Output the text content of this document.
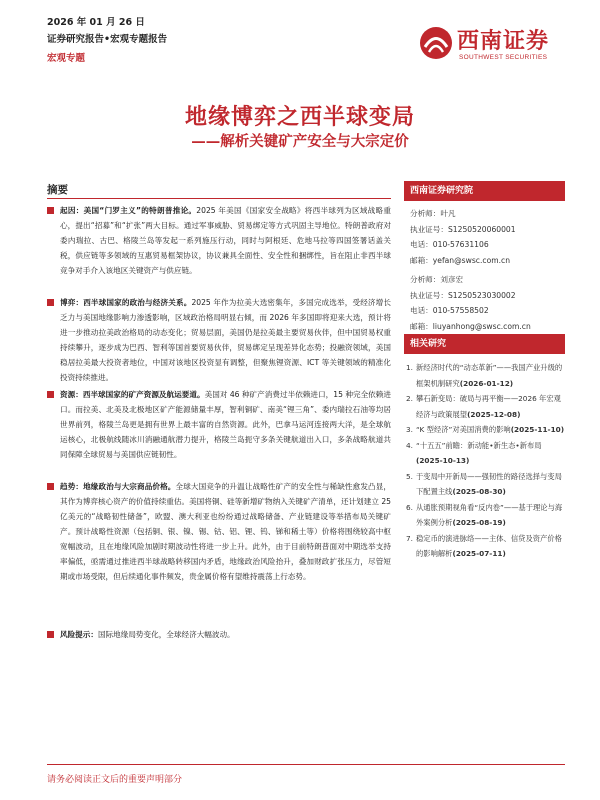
2026 年 01 月 26 日
证券研究报告•宏观专题报告
宏观专题
西南证券
SOUTHWEST SECURITIES
地缘博弈之西半球变局
——解析关键矿产安全与大宗定价
摘要
起因：美国“门罗主义”的特朗普推论。2025 年美国《国家安全战略》将西半球列为区域战略重心，提出“招募”和“扩张”两大目标。通过军事威胁、贸易绑定等方式巩固主导地位。特朗普政府对委内瑞拉、古巴、格陵兰岛等发起一系列施压行动，同时与阿根廷、危地马拉等四国签署话盖关税，供应链等多领域的互惠贸易框架协议，协议兼具全面性、安全性和捆绑性，旨在阻止非西半球竞争对手介入该地区关键资产与供应链。
博弈：西半球国家的政治与经济关系。2025 年作为拉美大选密集年，多国完成选举，受经济增长乏力与美国地缘影响力渗透影响，区域政治格局明显右倾，而 2026 年多国即将迎来大选，预计将进一步推动拉美政治格局的动态变化；贸易层面，美国仍是拉美最主要贸易伙伴，但中国贸易权重持续攀升，逐步成为巴西、智利等国首要贸易伙伴，贸易绑定呈现差异化态势；投融资领域，美国稳居拉美最大投资者地位，中国对该地区投资显有调整，但聚焦锂资源、ICT 等关键领域的精准化投资持续推进。
资源：西半球国家的矿产资源及航运要道。美国对 46 种矿产消费过半依赖进口，15 种完全依赖进口。而拉美、北美及北极地区矿产能源储量丰厚，智利铜矿、南美“锂三角”、委内瑞拉石油等均居世界前列，格陵兰岛更是拥有世界上最丰富的自然资源。此外，巴拿马运河连接两大洋，是全球航运核心，北极航线随冰川消融通航潜力提升，格陵兰岛扼守多条关键航道出入口，多条战略航道共同保障全球贸易与美国供应链韧性。
趋势：地缘政治与大宗商品价格。全球大国竞争的升温让战略性矿产的安全性与稀缺性愈发凸显，其作为博弈核心资产的价值持续重估。美国将铜、硅等新增矿物纳入关键矿产清单，还计划建立 25 亿美元的“战略韧性储备”，欧盟、澳大利亚也纷纷通过战略储备、产业链建设等举措布局关键矿产。预计战略性资源（包括铜、银、镍、锡、钴、铝、锂、钨、锑和稀土等）价格将围绕较高中枢宽幅波动，且在地缘风险加剧时期波动性将进一步上升。此外，由于目前特朗普面对中期选举支持率偏低，亟需通过推进西半球战略转移国内矛盾，地缘政治风险抬升，叠加财政扩张压力，尽管短期或市场受限，但后续通化事件频发，贵金属价格有望维持震荡上行态势。
风险提示：国际地缘局势变化，全球经济大幅波动。
西南证券研究院
分析师：叶凡
执业证号：S1250520060001
电话：010-57631106
邮箱：yefan@swsc.com.cn
分析师：刘彦宏
执业证号：S1250523030002
电话：010-57558502
邮箱：liuyanhong@swsc.com.cn
相关研究
1. 新经济时代的“动态革新”——我国产业升级的框架机制研究(2026-01-12)
2. 攀石新变局：破局与再平衡——2026 年宏观经济与政策展望(2025-12-08)
3. “K 型经济”对美国消费的影响(2025-11-10)
4. “十五五”前瞻：新动能•新生态•新布局(2025-10-13)
5. 于变局中开新局——强韧性的路径选择与变局下配置主线(2025-08-30)
6. 从通胀预期视角看“反内卷”——基于理论与海外案例分析(2025-08-19)
7. 稳定币的演进脉络——主体、信贷及资产价格的影响解析(2025-07-11)
请务必阅读正文后的重要声明部分
